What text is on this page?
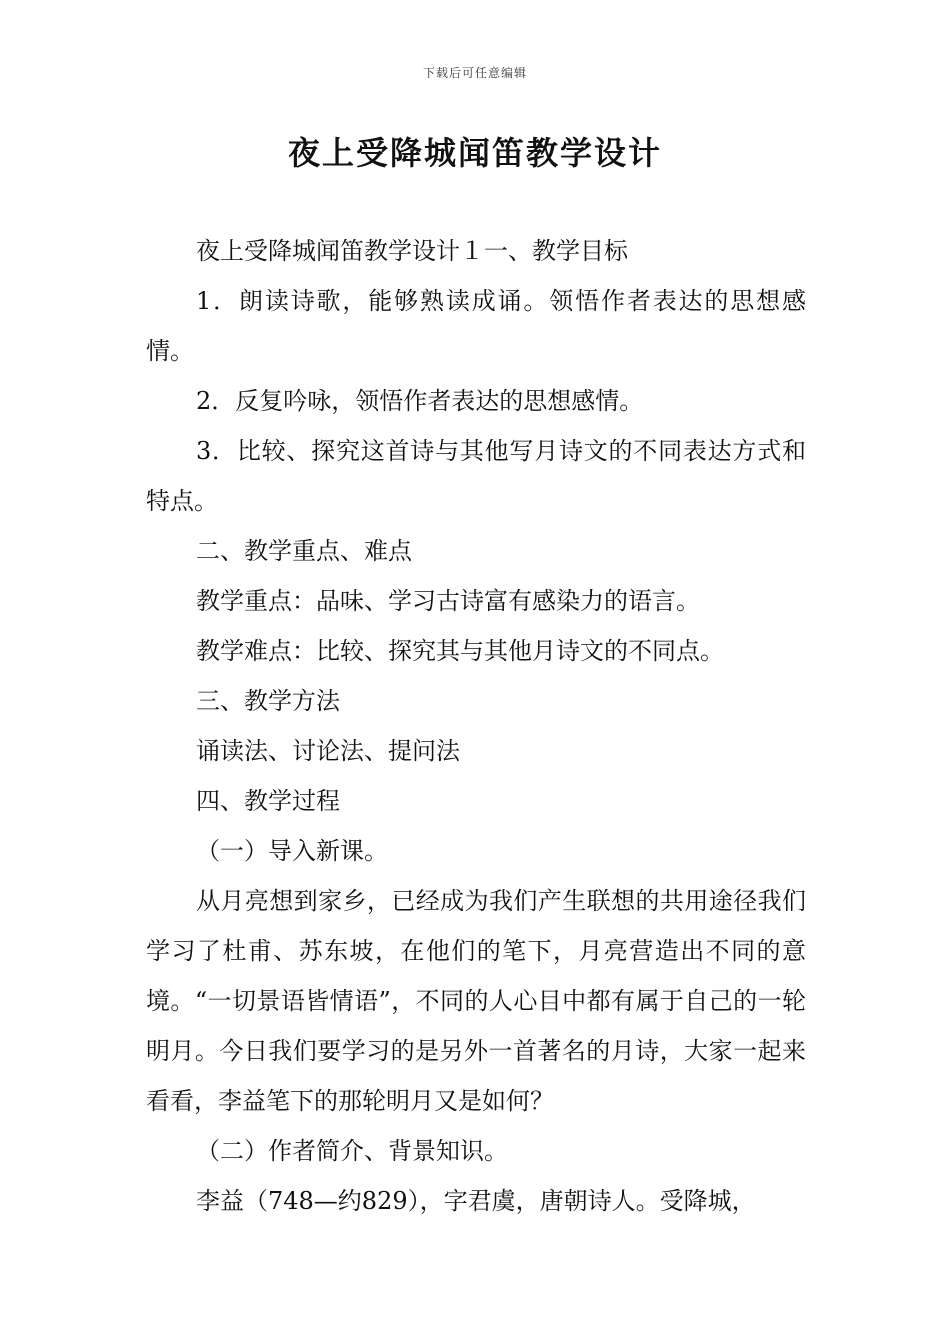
下载后可任意编辑
夜上受降城闻笛教学设计

夜上受降城闻笛教学设计１一、教学目标

1．朗读诗歌，能够熟读成诵。领悟作者表达的思想感情。

2．反复吟咏，领悟作者表达的思想感情。

3．比较、探究这首诗与其他写月诗文的不同表达方式和特点。

二、教学重点、难点

教学重点：品味、学习古诗富有感染力的语言。

教学难点：比较、探究其与其他月诗文的不同点。

三、教学方法

诵读法、讨论法、提问法

四、教学过程

（一）导入新课。

从月亮想到家乡，已经成为我们产生联想的共用途径我们学习了杜甫、苏东坡，在他们的笔下，月亮营造出不同的意境。“一切景语皆情语”，不同的人心目中都有属于自己的一轮明月。今日我们要学习的是另外一首著名的月诗，大家一起来看看，李益笔下的那轮明月又是如何？

（二）作者简介、背景知识。

李益（748—约829），字君虞，唐朝诗人。受降城，
